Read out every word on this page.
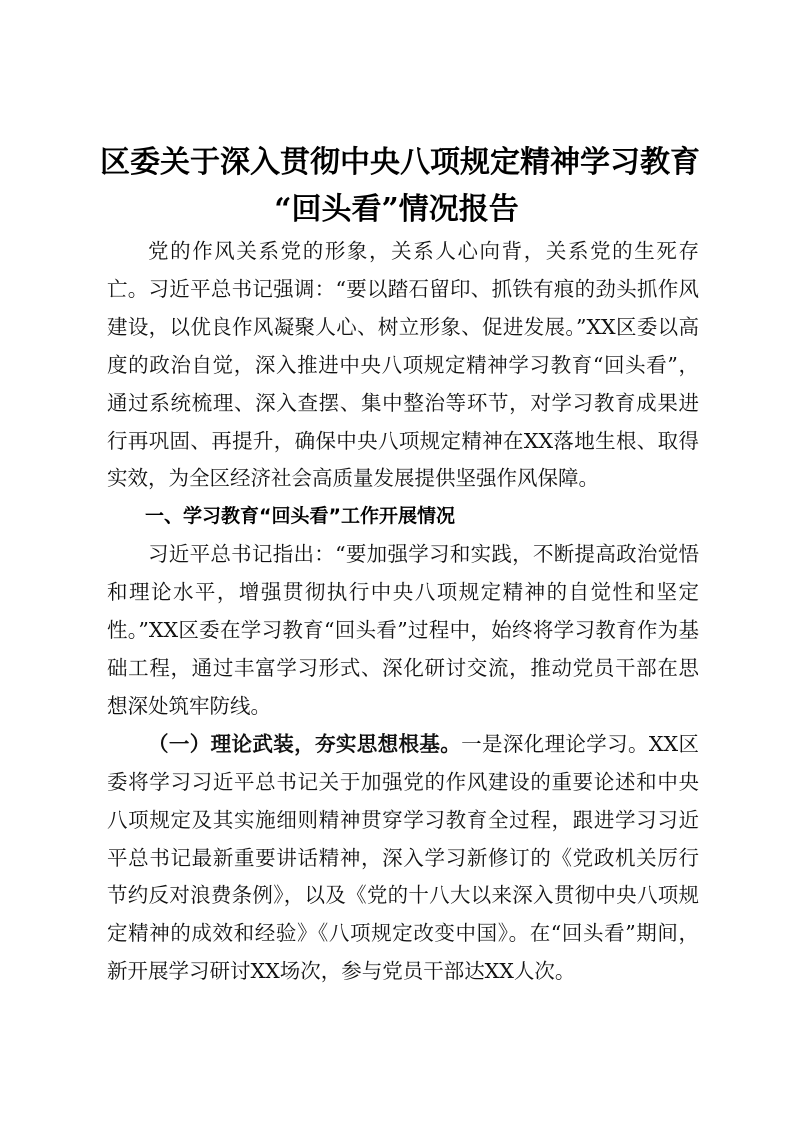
区委关于深入贯彻中央八项规定精神学习教育
“回头看”情况报告

党的作风关系党的形象，关系人心向背，关系党的生死存亡。习近平总书记强调：“要以踏石留印、抓铁有痕的劲头抓作风建设，以优良作风凝聚人心、树立形象、促进发展。”XX区委以高度的政治自觉，深入推进中央八项规定精神学习教育“回头看”，通过系统梳理、深入查摆、集中整治等环节，对学习教育成果进行再巩固、再提升，确保中央八项规定精神在XX落地生根、取得实效，为全区经济社会高质量发展提供坚强作风保障。

一、学习教育“回头看”工作开展情况

习近平总书记指出：“要加强学习和实践，不断提高政治觉悟和理论水平，增强贯彻执行中央八项规定精神的自觉性和坚定性。”XX区委在学习教育“回头看”过程中，始终将学习教育作为基础工程，通过丰富学习形式、深化研讨交流，推动党员干部在思想深处筑牢防线。

（一）理论武装，夯实思想根基。一是深化理论学习。XX区委将学习习近平总书记关于加强党的作风建设的重要论述和中央八项规定及其实施细则精神贯穿学习教育全过程，跟进学习习近平总书记最新重要讲话精神，深入学习新修订的《党政机关厉行节约反对浪费条例》，以及《党的十八大以来深入贯彻中央八项规定精神的成效和经验》《八项规定改变中国》。在“回头看”期间，新开展学习研讨XX场次，参与党员干部达XX人次。
